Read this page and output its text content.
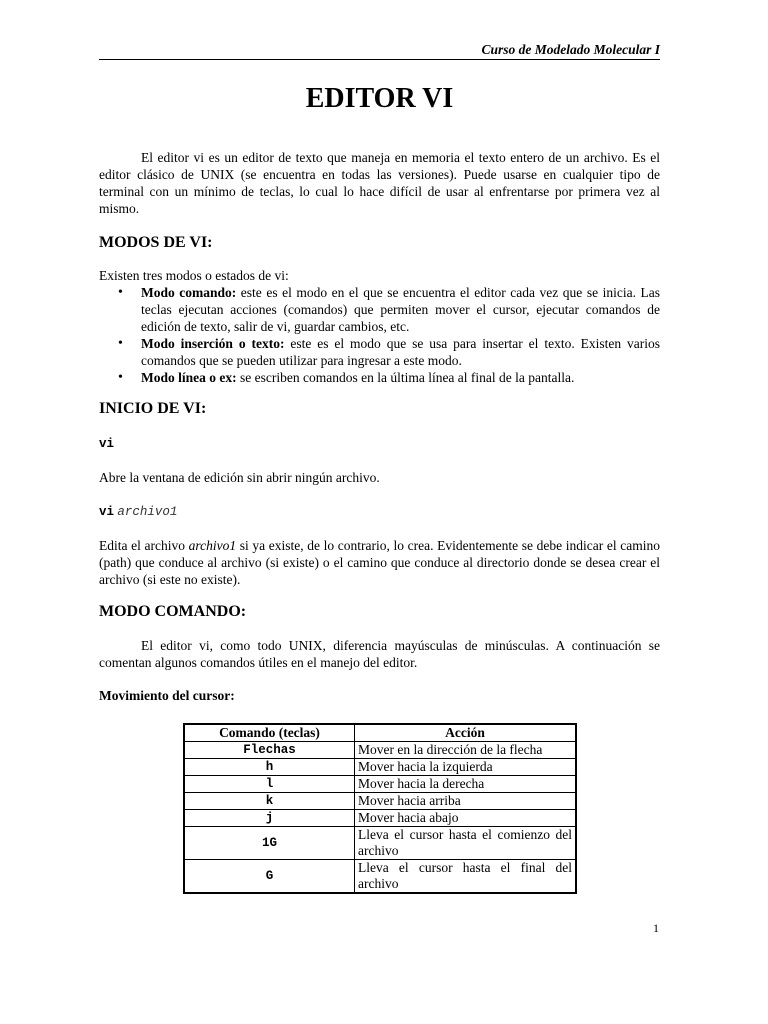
Curso de Modelado Molecular I
EDITOR VI

El editor vi es un editor de texto que maneja en memoria el texto entero de un archivo. Es el editor clásico de UNIX (se encuentra en todas las versiones). Puede usarse en cualquier tipo de terminal con un mínimo de teclas, lo cual lo hace difícil de usar al enfrentarse por primera vez al mismo.

MODOS DE VI:

Existen tres modos o estados de vi:

• Modo comando: este es el modo en el que se encuentra el editor cada vez que se inicia. Las teclas ejecutan acciones (comandos) que permiten mover el cursor, ejecutar comandos de edición de texto, salir de vi, guardar cambios, etc.
• Modo inserción o texto: este es el modo que se usa para insertar el texto. Existen varios comandos que se pueden utilizar para ingresar a este modo.
• Modo línea o ex: se escriben comandos en la última línea al final de la pantalla.
INICIO DE VI:

vi

Abre la ventana de edición sin abrir ningún archivo.

vi archivo1

Edita el archivo archivo1 si ya existe, de lo contrario, lo crea. Evidentemente se debe indicar el camino (path) que conduce al archivo (si existe) o el camino que conduce al directorio donde se desea crear el archivo (si este no existe).

MODO COMANDO:

El editor vi, como todo UNIX, diferencia mayúsculas de minúsculas. A continuación se comentan algunos comandos útiles en el manejo del editor.

Movimiento del cursor:

Comando (teclas)	Acción
Flechas	Mover en la dirección de la flecha
h	Mover hacia la izquierda
l	Mover hacia la derecha
k	Mover hacia arriba
j	Mover hacia abajo
1G	Lleva el cursor hasta el comienzo del archivo
G	Lleva el cursor hasta el final del archivo
1
